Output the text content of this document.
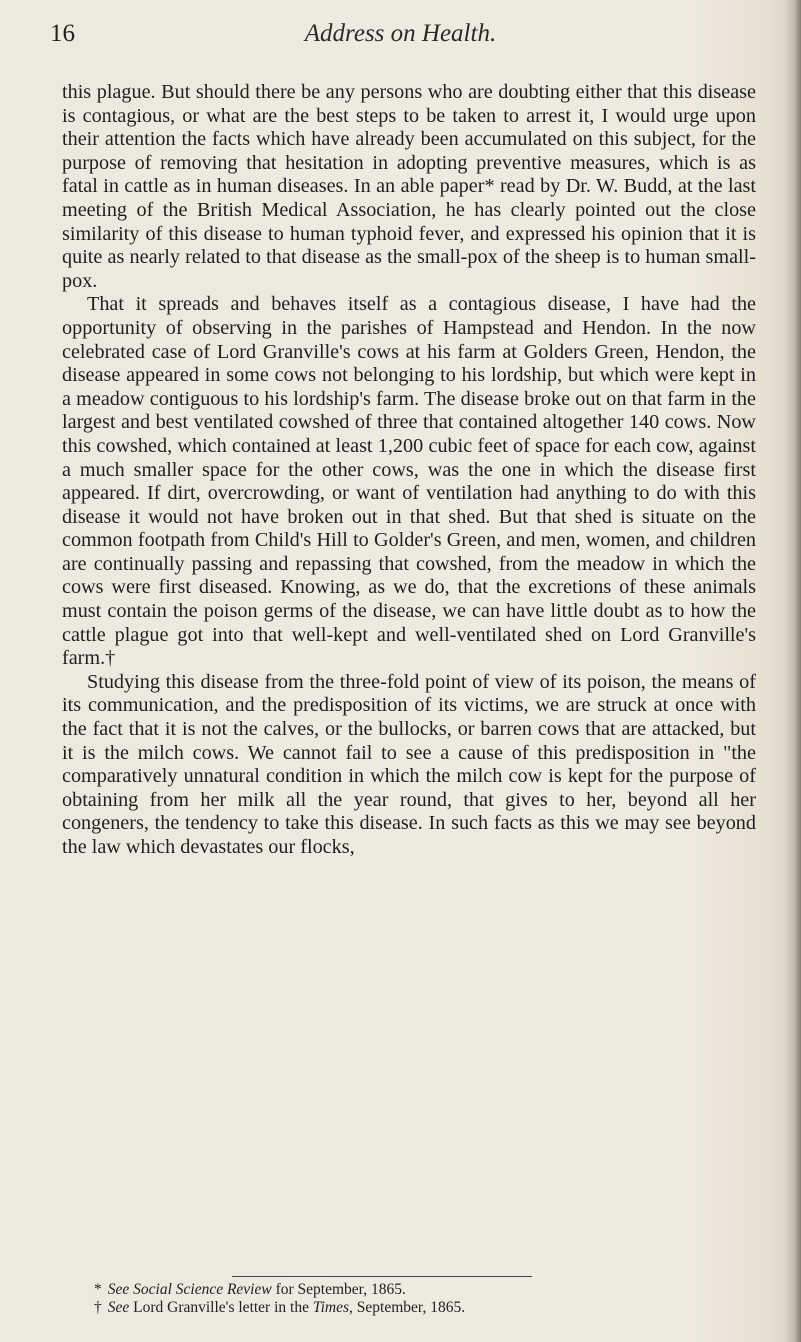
16	Address on Health.

this plague. But should there be any persons who are doubting either that this disease is contagious, or what are the best steps to be taken to arrest it, I would urge upon their attention the facts which have already been accumulated on this subject, for the purpose of removing that hesitation in adopting preventive measures, which is as fatal in cattle as in human diseases. In an able paper* read by Dr. W. Budd, at the last meeting of the British Medical Association, he has clearly pointed out the close similarity of this disease to human typhoid fever, and expressed his opinion that it is quite as nearly related to that disease as the small-pox of the sheep is to human small-pox.

That it spreads and behaves itself as a contagious disease, I have had the opportunity of observing in the parishes of Hampstead and Hendon. In the now celebrated case of Lord Granville's cows at his farm at Golders Green, Hendon, the disease appeared in some cows not belonging to his lordship, but which were kept in a meadow contiguous to his lordship's farm. The disease broke out on that farm in the largest and best ventilated cowshed of three that contained altogether 140 cows. Now this cowshed, which contained at least 1,200 cubic feet of space for each cow, against a much smaller space for the other cows, was the one in which the disease first appeared. If dirt, overcrowding, or want of ventilation had anything to do with this disease it would not have broken out in that shed. But that shed is situate on the common footpath from Child's Hill to Golder's Green, and men, women, and children are continually passing and repassing that cowshed, from the meadow in which the cows were first diseased. Knowing, as we do, that the excretions of these animals must contain the poison germs of the disease, we can have little doubt as to how the cattle plague got into that well-kept and well-ventilated shed on Lord Granville's farm.†

Studying this disease from the three-fold point of view of its poison, the means of its communication, and the predisposition of its victims, we are struck at once with the fact that it is not the calves, or the bullocks, or barren cows that are attacked, but it is the milch cows. We cannot fail to see a cause of this predisposition in "the comparatively unnatural condition in which the milch cow is kept for the purpose of obtaining from her milk all the year round, that gives to her, beyond all her congeners, the tendency to take this disease. In such facts as this we may see beyond the law which devastates our flocks,

* See Social Science Review for September, 1865.

† See Lord Granville's letter in the Times, September, 1865.
